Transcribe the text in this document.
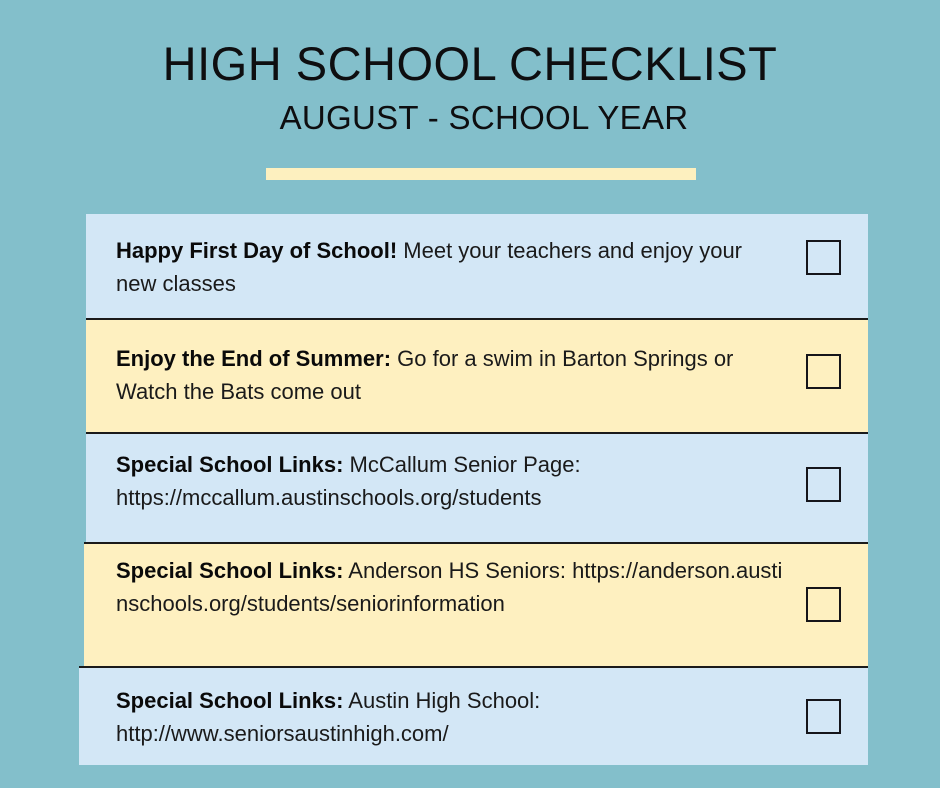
HIGH SCHOOL CHECKLIST
AUGUST - SCHOOL YEAR
Happy First Day of School! Meet your teachers and enjoy your new classes
Enjoy the End of Summer: Go for a swim in Barton Springs or Watch the Bats come out
Special School Links: McCallum Senior Page: https://mccallum.austinschools.org/students
Special School Links: Anderson HS Seniors: https://anderson.austinschools.org/students/seniorinformation
Special School Links: Austin High School: http://www.seniorsaustinhigh.com/
